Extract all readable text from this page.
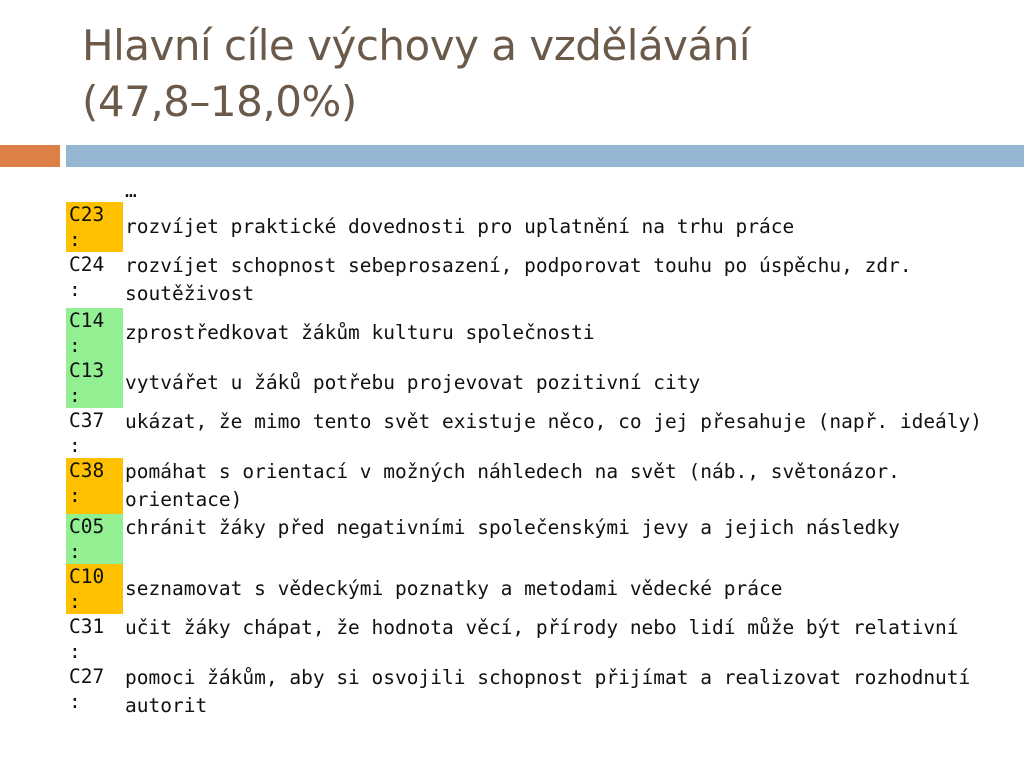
Hlavní cíle výchovy a vzdělávání
(47,8–18,0%)
	…

C23
:	rozvíjet praktické dovednosti pro uplatnění na trhu práce

C24
:	rozvíjet schopnost sebeprosazení, podporovat touhu po úspěchu, zdr. soutěživost

C14
:	zprostředkovat žákům kulturu společnosti

C13
:	vytvářet u žáků potřebu projevovat pozitivní city

C37
:	ukázat, že mimo tento svět existuje něco, co jej přesahuje (např. ideály)

C38
:	pomáhat s orientací v možných náhledech na svět (náb., světonázor. orientace)

C05
:	chránit žáky před negativními společenskými jevy a jejich následky

C10
:	seznamovat s vědeckými poznatky a metodami vědecké práce

C31
:	učit žáky chápat, že hodnota věcí, přírody nebo lidí může být relativní

C27
:	pomoci žákům, aby si osvojili schopnost přijímat a realizovat rozhodnutí autorit
